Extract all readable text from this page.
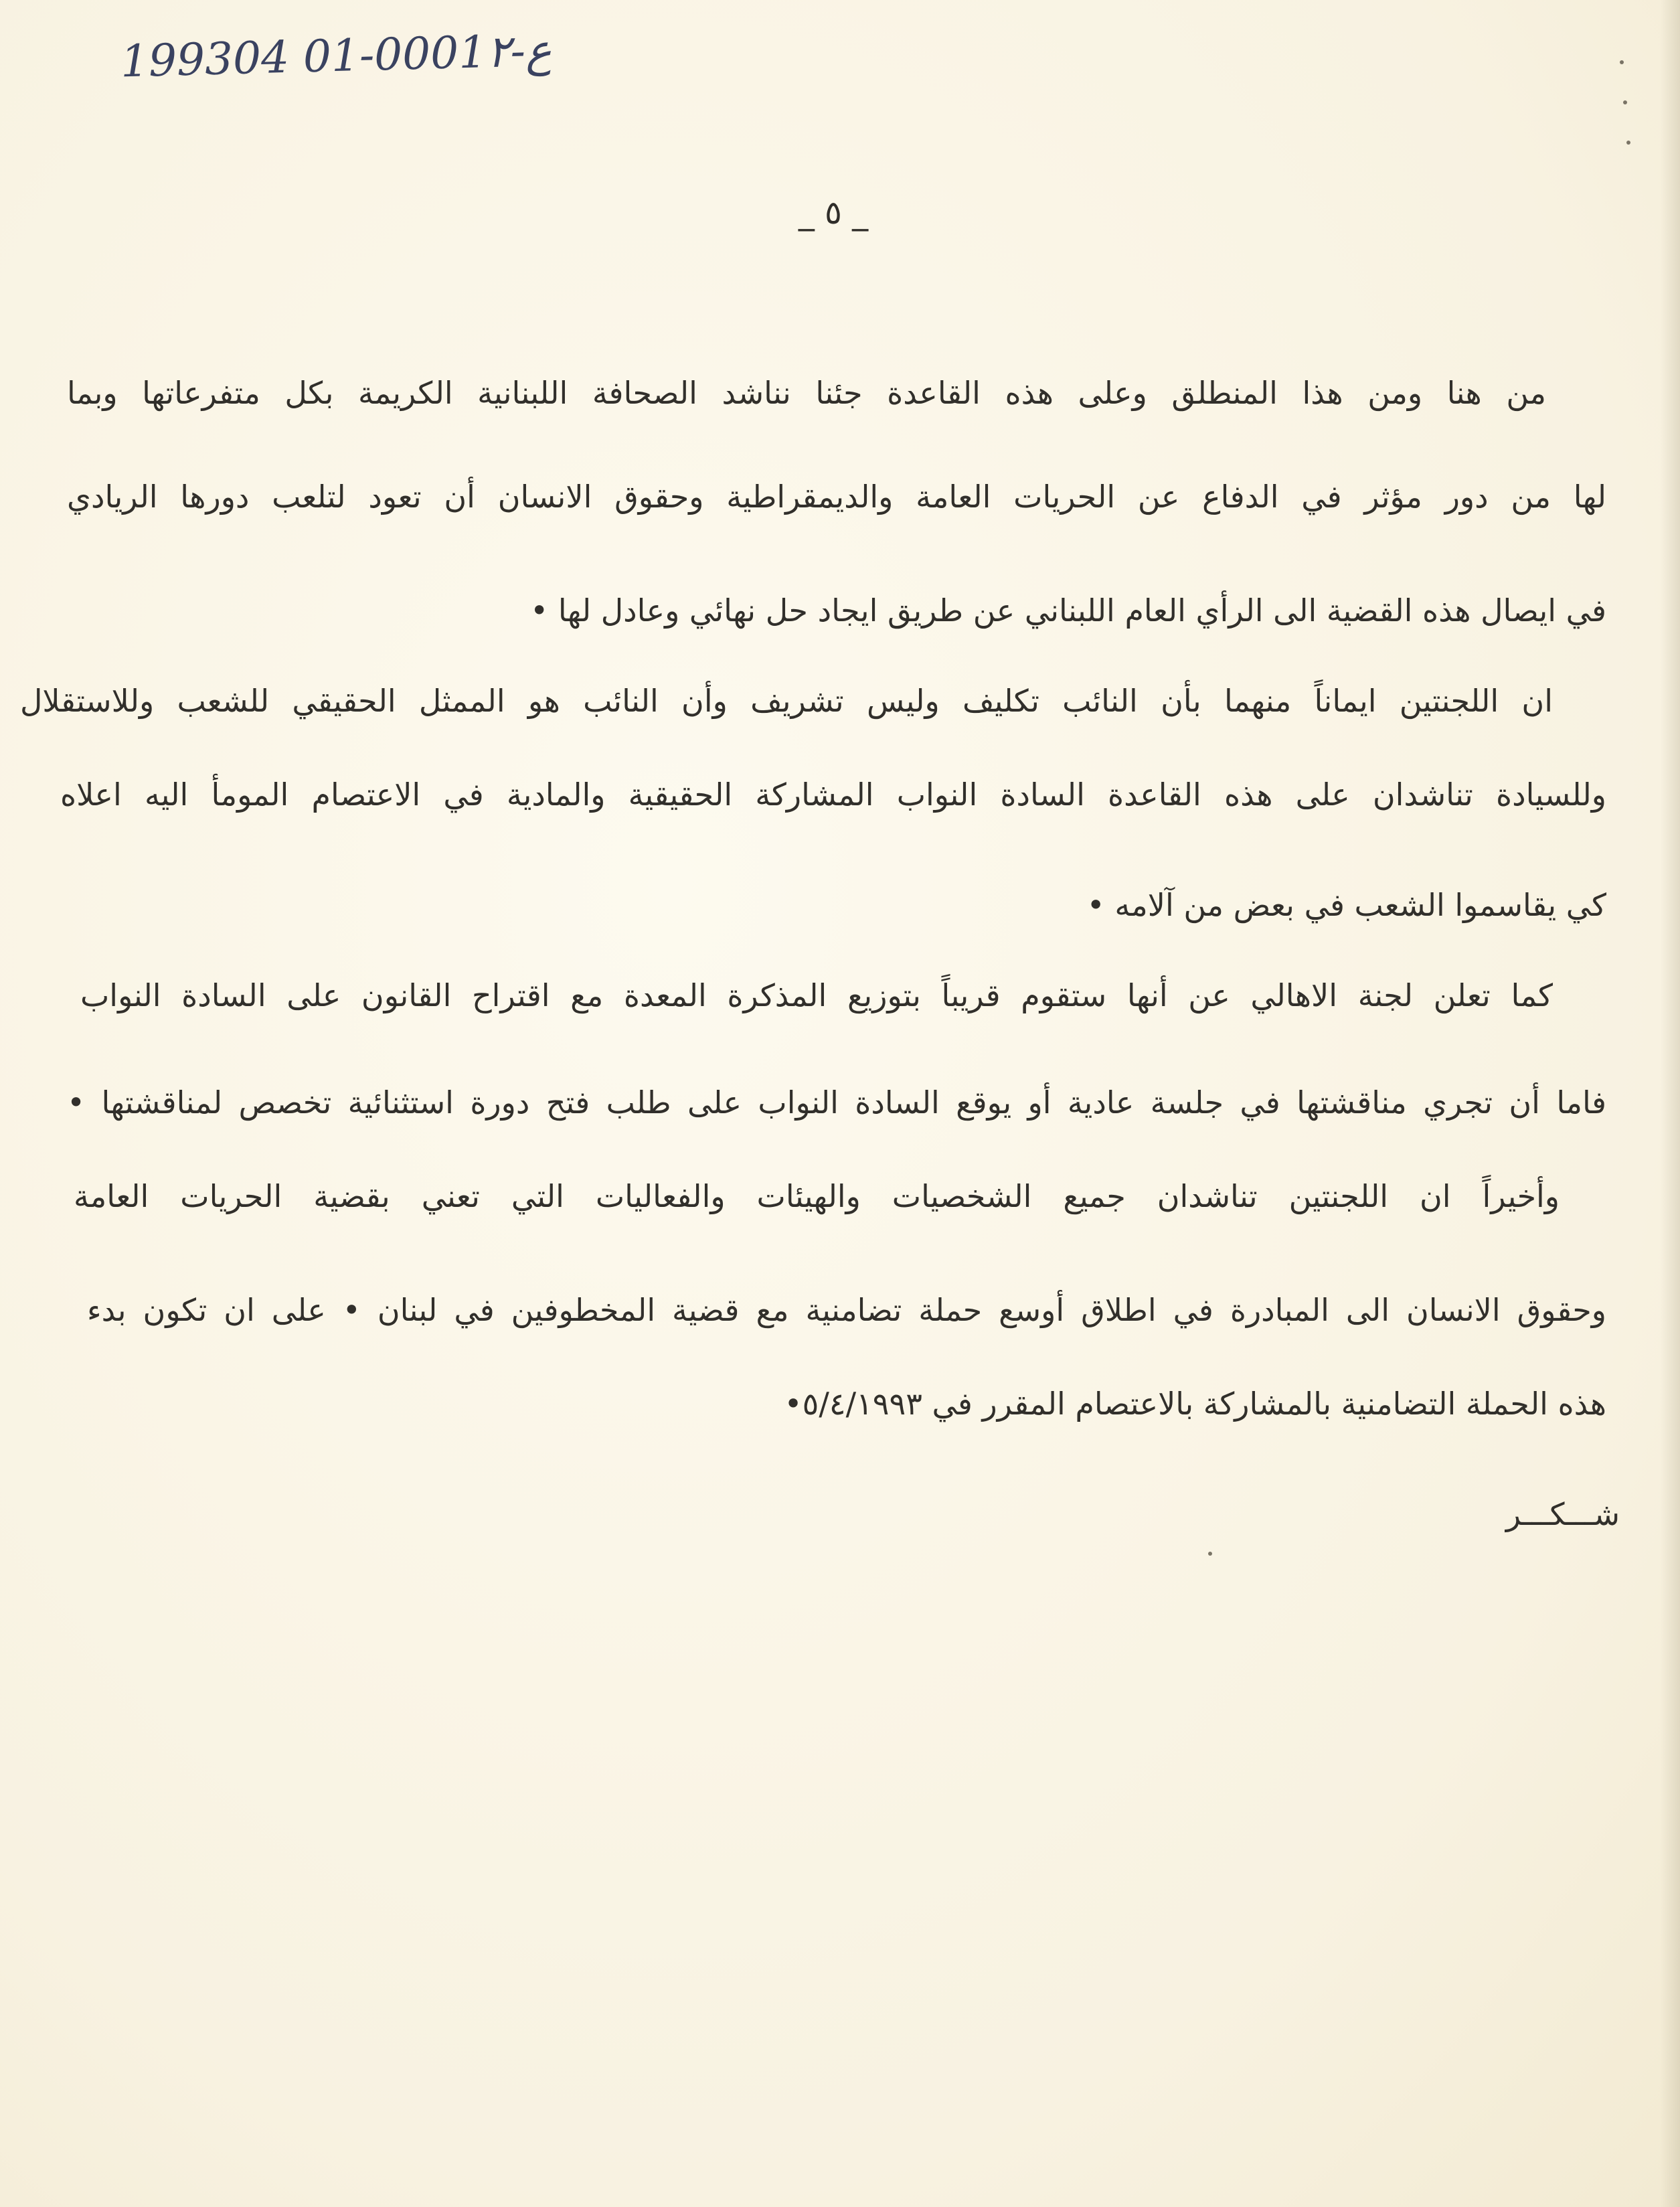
199304 01-0001ع-٢
_ ٥ _
من هنا ومن هذا المنطلق وعلى هذه القاعدة جئنا نناشد الصحافة اللبنانية الكريمة بكل متفرعاتها وبما
لها من دور مؤثر في الدفاع عن الحريات العامة والديمقراطية وحقوق الانسان أن تعود لتلعب دورها الريادي
في ايصال هذه القضية الى الرأي العام اللبناني عن طريق ايجاد حل نهائي وعادل لها •
ان اللجنتين ايماناً منهما بأن النائب تكليف وليس تشريف وأن النائب هو الممثل الحقيقي للشعب وللاستقلال
وللسيادة تناشدان على هذه القاعدة السادة النواب المشاركة الحقيقية والمادية في الاعتصام المومأ اليه اعلاه
كي يقاسموا الشعب في بعض من آلامه •
كما تعلن لجنة الاهالي عن أنها ستقوم قريباً بتوزيع المذكرة المعدة مع اقتراح القانون على السادة النواب
فاما أن تجري مناقشتها في جلسة عادية أو يوقع السادة النواب على طلب فتح دورة استثنائية تخصص لمناقشتها •
وأخيراً ان اللجنتين تناشدان جميع الشخصيات والهيئات والفعاليات التي تعني بقضية الحريات العامة
وحقوق الانسان الى المبادرة في اطلاق أوسع حملة تضامنية مع قضية المخطوفين في لبنان • على ان تكون بدء
هذه الحملة التضامنية بالمشاركة بالاعتصام المقرر في ٥/٤/١٩٩٣•
شـــكـــر
